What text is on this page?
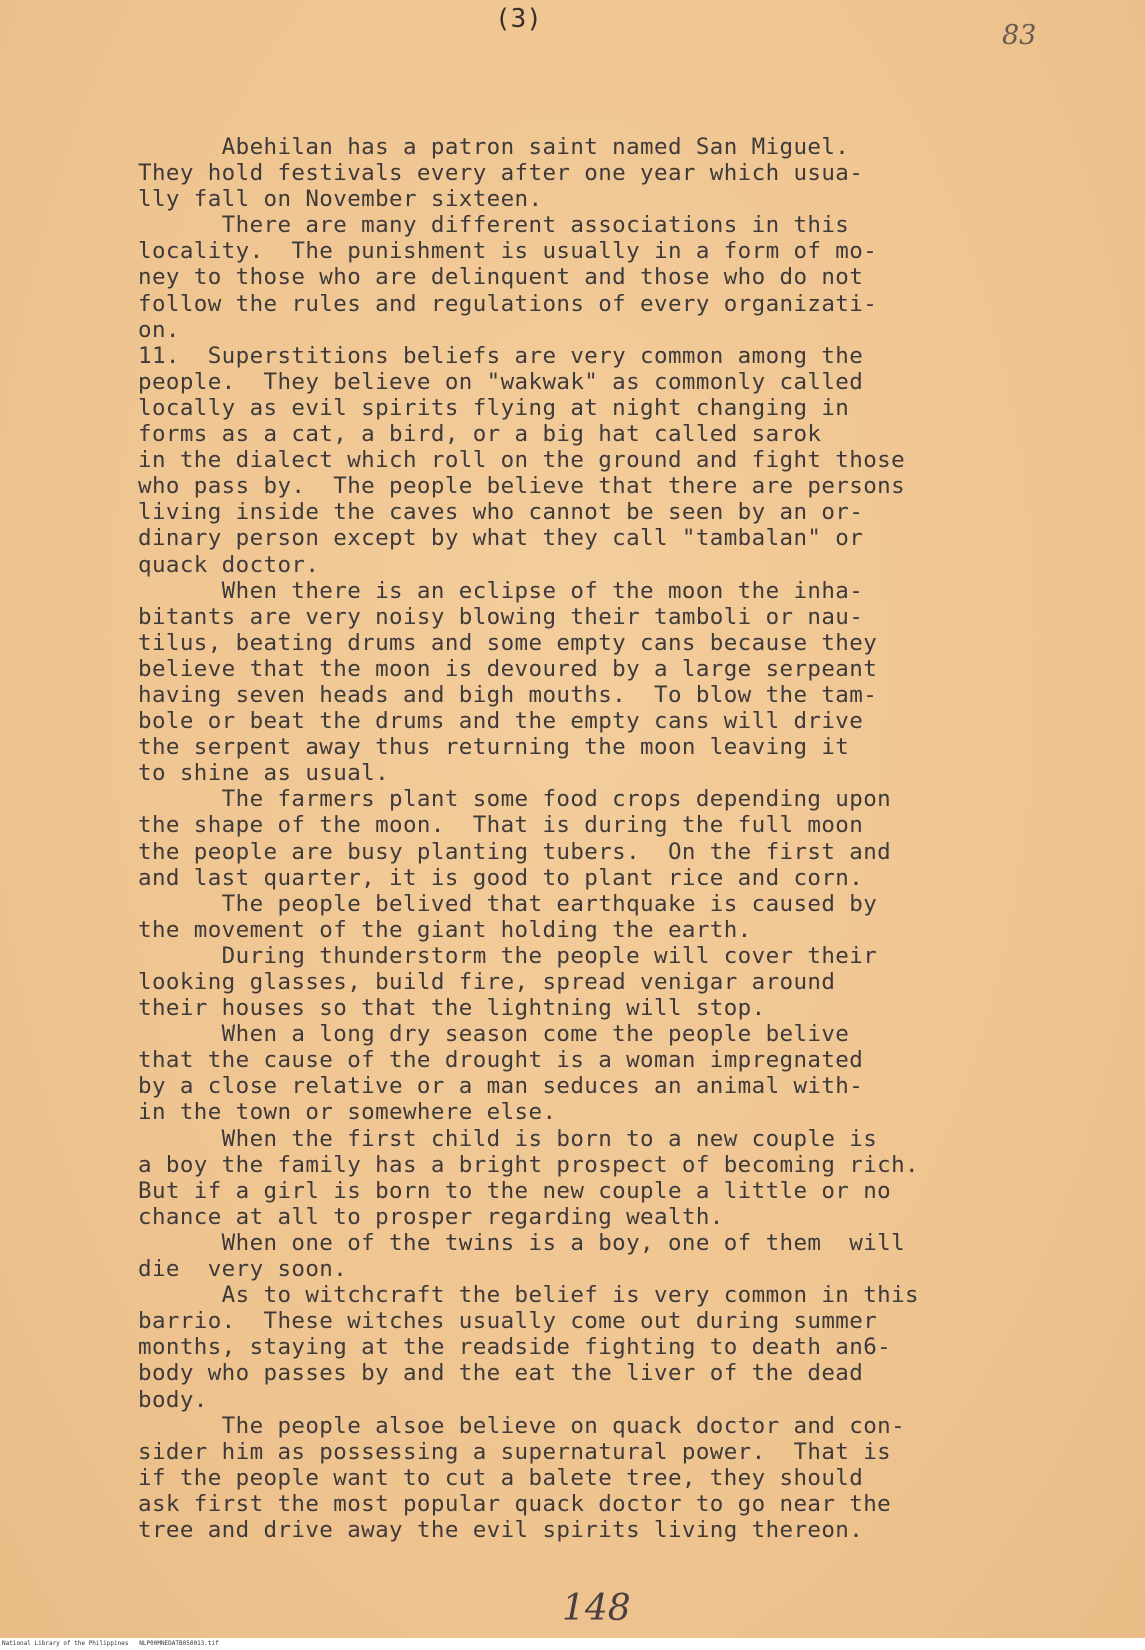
(3)
83
Abehilan has a patron saint named San Miguel.
They hold festivals every after one year which usua-
lly fall on November sixteen.
There are many different associations in this
locality.  The punishment is usually in a form of mo-
ney to those who are delinquent and those who do not
follow the rules and regulations of every organizati-
on.
11.  Superstitions beliefs are very common among the
people.  They believe on "wakwak" as commonly called
locally as evil spirits flying at night changing in
forms as a cat, a bird, or a big hat called sarok
in the dialect which roll on the ground and fight those
who pass by.  The people believe that there are persons
living inside the caves who cannot be seen by an or-
dinary person except by what they call "tambalan" or
quack doctor.
When there is an eclipse of the moon the inha-
bitants are very noisy blowing their tamboli or nau-
tilus, beating drums and some empty cans because they
believe that the moon is devoured by a large serpeant
having seven heads and bigh mouths.  To blow the tam-
bole or beat the drums and the empty cans will drive
the serpent away thus returning the moon leaving it
to shine as usual.
The farmers plant some food crops depending upon
the shape of the moon.  That is during the full moon
the people are busy planting tubers.  On the first and
and last quarter, it is good to plant rice and corn.
The people belived that earthquake is caused by
the movement of the giant holding the earth.
During thunderstorm the people will cover their
looking glasses, build fire, spread venigar around
their houses so that the lightning will stop.
When a long dry season come the people belive
that the cause of the drought is a woman impregnated
by a close relative or a man seduces an animal with-
in the town or somewhere else.
When the first child is born to a new couple is
a boy the family has a bright prospect of becoming rich.
But if a girl is born to the new couple a little or no
chance at all to prosper regarding wealth.
When one of the twins is a boy, one of them  will
die  very soon.
As to witchcraft the belief is very common in this
barrio.  These witches usually come out during summer
months, staying at the readside fighting to death an6-
body who passes by and the eat the liver of the dead
body.
The people alsoe believe on quack doctor and con-
sider him as possessing a supernatural power.  That is
if the people want to cut a balete tree, they should
ask first the most popular quack doctor to go near the
tree and drive away the evil spirits living thereon.
148
National Library of the Philippines   NLP00MNEDATB050013.tif
